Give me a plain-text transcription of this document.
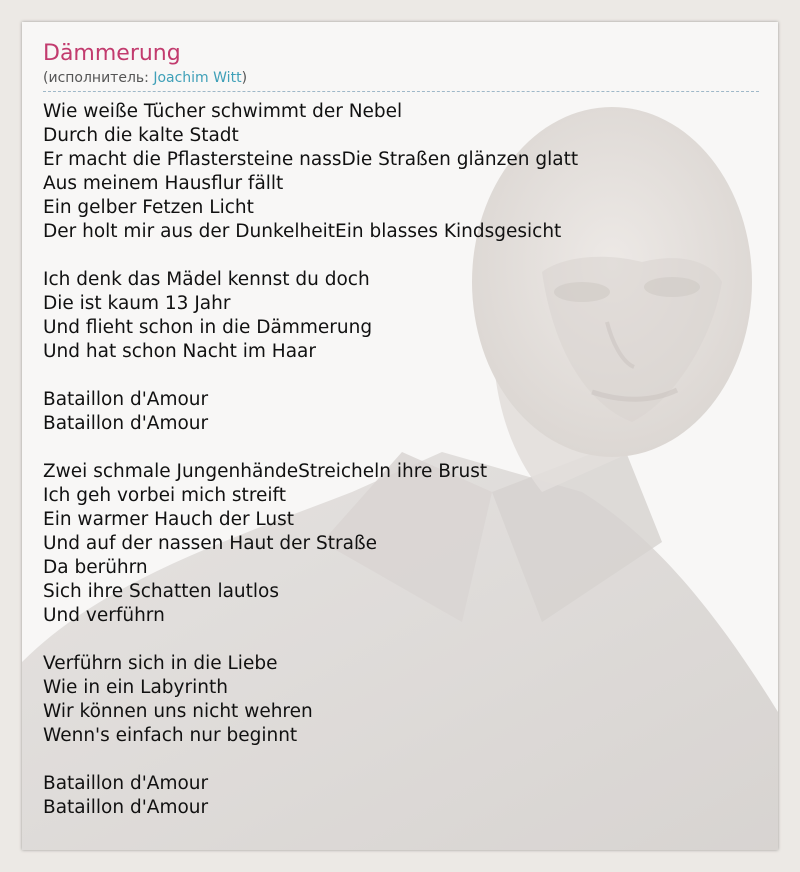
Dämmerung
(исполнитель: Joachim Witt)
Wie weiße Tücher schwimmt der Nebel
Durch die kalte Stadt
Er macht die Pflastersteine nassDie Straßen glänzen glatt
Aus meinem Hausflur fällt
Ein gelber Fetzen Licht
Der holt mir aus der DunkelheitEin blasses Kindsgesicht
Ich denk das Mädel kennst du doch
Die ist kaum 13 Jahr
Und flieht schon in die Dämmerung
Und hat schon Nacht im Haar
Bataillon d'Amour
Bataillon d'Amour
Zwei schmale JungenhändeStreicheln ihre Brust
Ich geh vorbei mich streift
Ein warmer Hauch der Lust
Und auf der nassen Haut der Straße
Da berührn
Sich ihre Schatten lautlos
Und verführn
Verführn sich in die Liebe
Wie in ein Labyrinth
Wir können uns nicht wehren
Wenn's einfach nur beginnt
Bataillon d'Amour
Bataillon d'Amour
